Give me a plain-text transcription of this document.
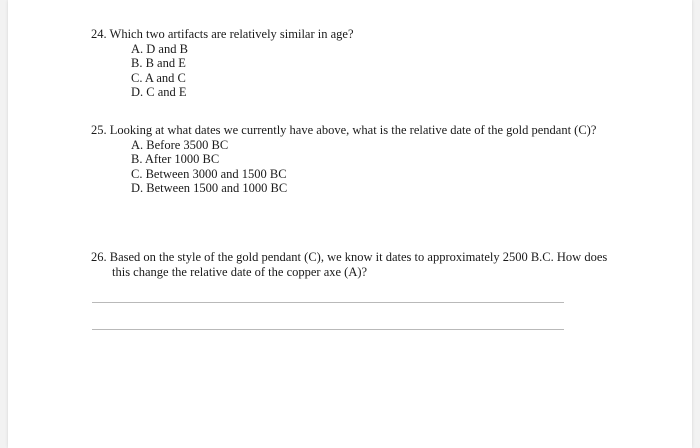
24. Which two artifacts are relatively similar in age?
A. D and B
B. B and E
C. A and C
D. C and E
25. Looking at what dates we currently have above, what is the relative date of the gold pendant (C)?
A. Before 3500 BC
B. After 1000 BC
C. Between 3000 and 1500 BC
D. Between 1500 and 1000 BC
26. Based on the style of the gold pendant (C), we know it dates to approximately 2500 B.C. How does this change the relative date of the copper axe (A)?
